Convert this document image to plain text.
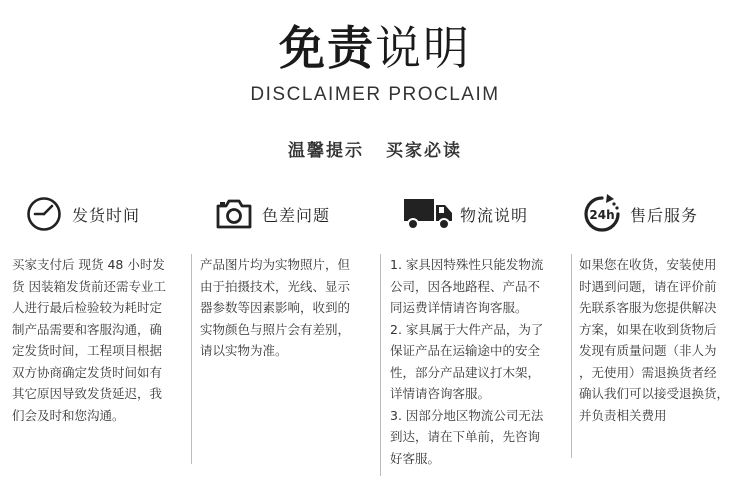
免责说明
DISCLAIMER PROCLAIM
温馨提示 买家必读
发货时间	色差问题	物流说明	24h 售后服务
买家支付后 现货 48 小时发
货 因装箱发货前还需专业工
人进行最后检验较为耗时定
制产品需要和客服沟通，确
定发货时间，工程项目根据
双方协商确定发货时间如有
其它原因导致发货延迟，我
们会及时和您沟通。
产品图片均为实物照片，但
由于拍摄技术，光线、显示
器参数等因素影响，收到的
实物颜色与照片会有差别，
请以实物为准。
1. 家具因特殊性只能发物流
公司，因各地路程、产品不
同运费详情请咨询客服。
2. 家具属于大件产品，为了
保证产品在运输途中的安全
性，部分产品建议打木架，
详情请咨询客服。
3. 因部分地区物流公司无法
到达，请在下单前，先咨询
好客服。
如果您在收货，安装使用
时遇到问题，请在评价前
先联系客服为您提供解决
方案，如果在收到货物后
发现有质量问题（非人为
，无使用）需退换货者经
确认我们可以接受退换货，
并负责相关费用
